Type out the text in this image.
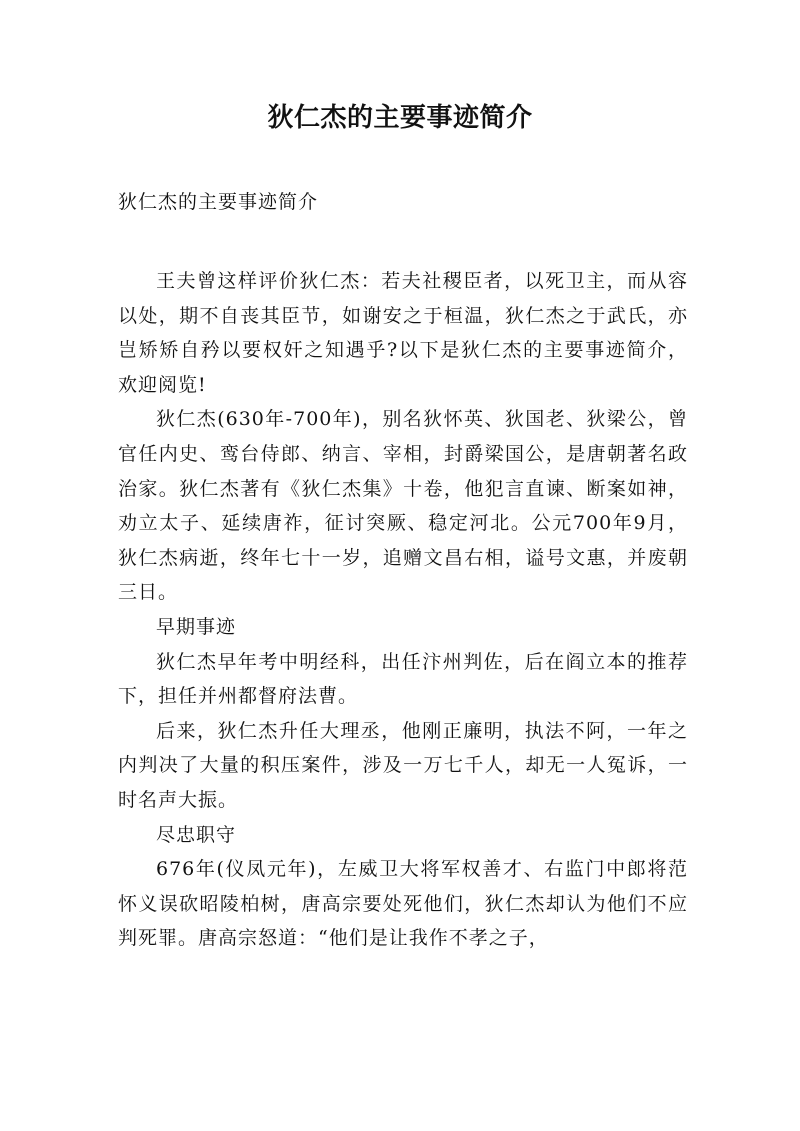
狄仁杰的主要事迹简介
狄仁杰的主要事迹简介

王夫曾这样评价狄仁杰：若夫社稷臣者，以死卫主，而从容以处，期不自丧其臣节，如谢安之于桓温，狄仁杰之于武氏，亦岂矫矫自矜以要权奸之知遇乎?以下是狄仁杰的主要事迹简介，欢迎阅览!

狄仁杰(630年-700年)，别名狄怀英、狄国老、狄梁公，曾官任内史、鸾台侍郎、纳言、宰相，封爵梁国公，是唐朝著名政治家。狄仁杰著有《狄仁杰集》十卷，他犯言直谏、断案如神，劝立太子、延续唐祚，征讨突厥、稳定河北。公元700年9月，狄仁杰病逝，终年七十一岁，追赠文昌右相，谥号文惠，并废朝三日。

早期事迹

狄仁杰早年考中明经科，出任汴州判佐，后在阎立本的推荐下，担任并州都督府法曹。

后来，狄仁杰升任大理丞，他刚正廉明，执法不阿，一年之内判决了大量的积压案件，涉及一万七千人，却无一人冤诉，一时名声大振。

尽忠职守

676年(仪凤元年)，左威卫大将军权善才、右监门中郎将范怀义误砍昭陵柏树，唐高宗要处死他们，狄仁杰却认为他们不应判死罪。唐高宗怒道：“他们是让我作不孝之子，
